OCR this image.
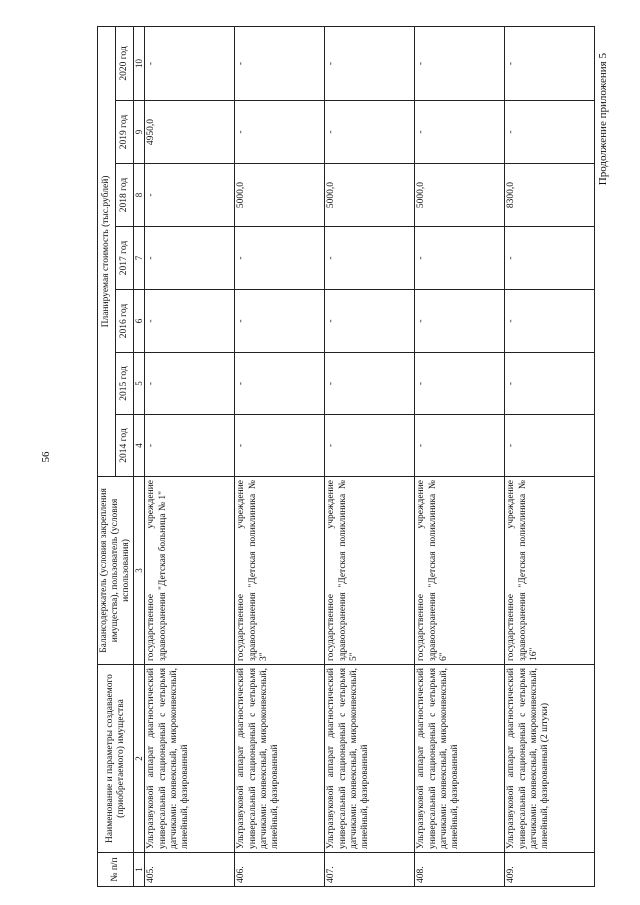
56
Продолжение приложения 5
№ п/п	Наименование и параметры создаваемого (приобретаемого) имущества	Балансодержатель (условия закрепления имущества), пользователь (условия использования)	Планируемая стоимость (тыс.рублей)						
			2014 год	2015 год	2016 год	2017 год	2018 год	2019 год	2020 год
1	2	3	4	5	6	7	8	9	10
405.	Ультразвуковой аппарат диагностический универсальный стационарный с четырьмя датчиками: конвексный, микроконвексный, линейный, фазированный	государственное учреждение здравоохранения "Детская больница № 1"	-	-	-	-	-	4950,0	-
406.	Ультразвуковой аппарат диагностический универсальный стационарный с четырьмя датчиками: конвексный, микроконвексный, линейный, фазированный	государственное учреждение здравоохранения "Детская поликлиника № 3"	-	-	-	-	5000,0	-	-
407.	Ультразвуковой аппарат диагностический универсальный стационарный с четырьмя датчиками: конвексный, микроконвексный, линейный, фазированный	государственное учреждение здравоохранения "Детская поликлиника № 5"	-	-	-	-	5000,0	-	-
408.	Ультразвуковой аппарат диагностический универсальный стационарный с четырьмя датчиками: конвексный, микроконвексный, линейный, фазированный	государственное учреждение здравоохранения "Детская поликлиника № 6"	-	-	-	-	5000,0	-	-
409.	Ультразвуковой аппарат диагностический универсальный стационарный с четырьмя датчиками: конвексный, микроконвексный, линейный, фазированный (2 штуки)	государственное учреждение здравоохранения "Детская поликлиника № 16"	-	-	-	-	8300,0	-	-
